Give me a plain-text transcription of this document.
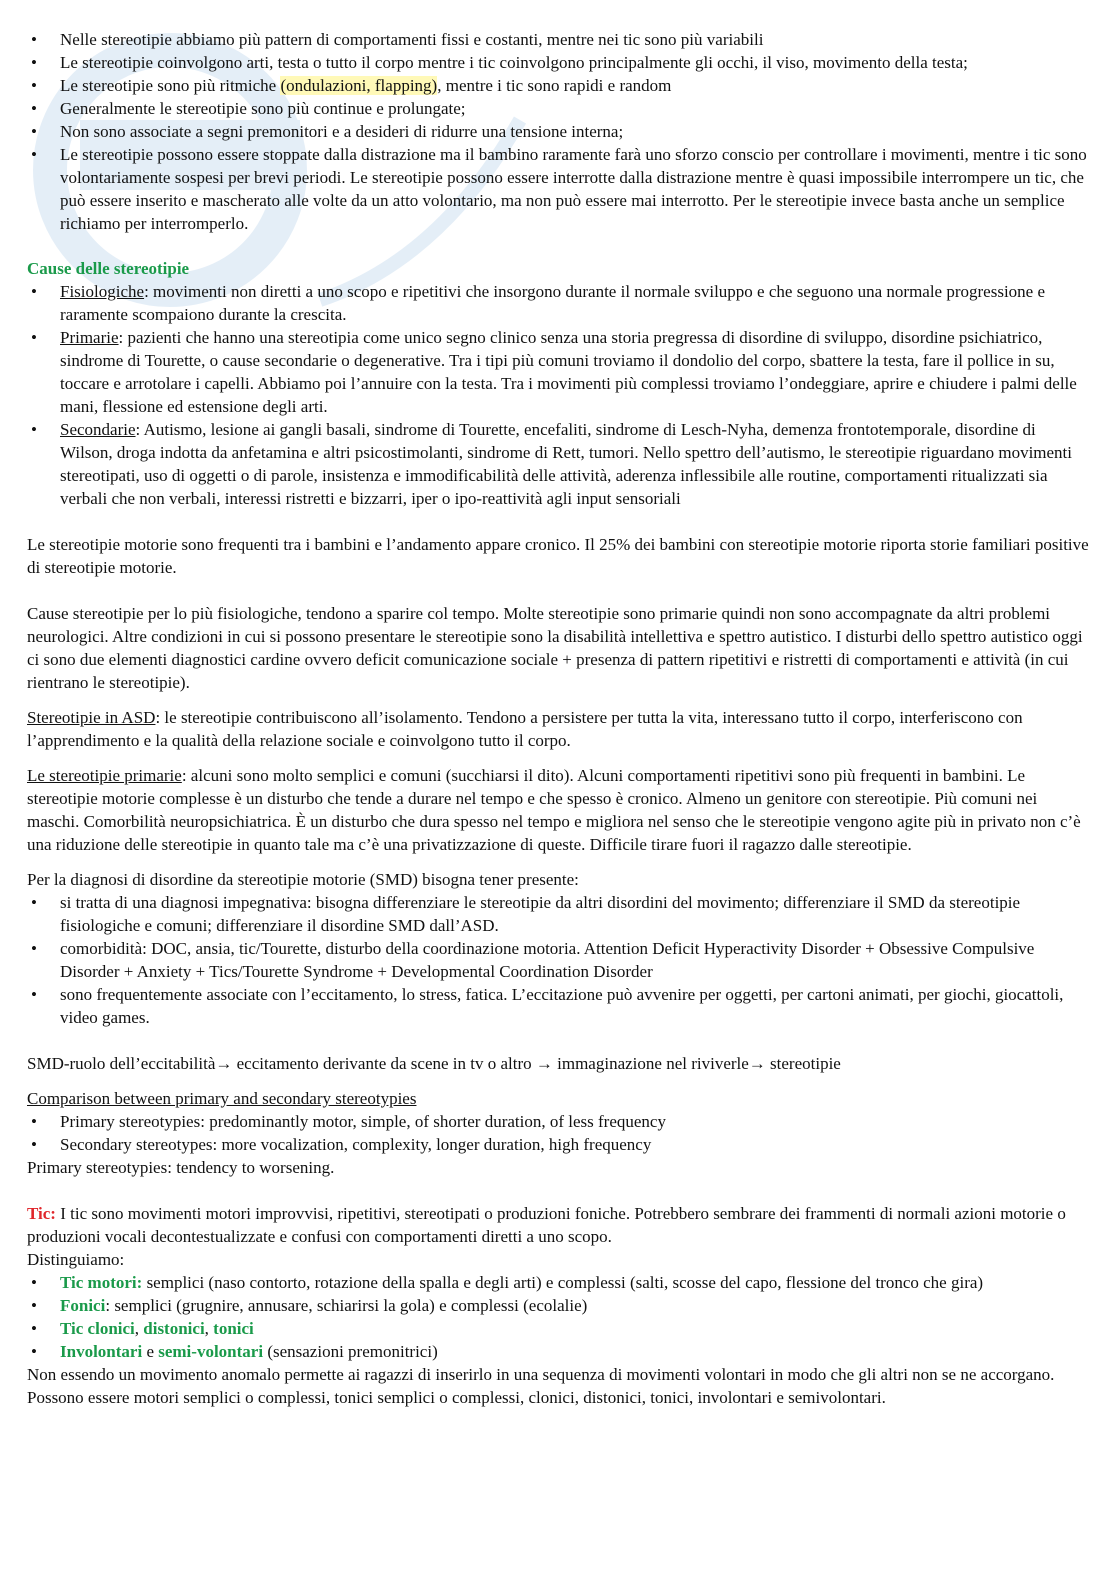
• Nelle stereotipie abbiamo più pattern di comportamenti fissi e costanti, mentre nei tic sono più variabili
• Le stereotipie coinvolgono arti, testa o tutto il corpo mentre i tic coinvolgono principalmente gli occhi, il viso, movimento della testa;
• Le stereotipie sono più ritmiche (ondulazioni, flapping), mentre i tic sono rapidi e random
• Generalmente le stereotipie sono più continue e prolungate;
• Non sono associate a segni premonitori e a desideri di ridurre una tensione interna;
• Le stereotipie possono essere stoppate dalla distrazione ma il bambino raramente farà uno sforzo conscio per controllare i movimenti, mentre i tic sono volontariamente sospesi per brevi periodi. Le stereotipie possono essere interrotte dalla distrazione mentre è quasi impossibile interrompere un tic, che può essere inserito e mascherato alle volte da un atto volontario, ma non può essere mai interrotto. Per le stereotipie invece basta anche un semplice richiamo per interromperlo.

Cause delle stereotipie

• Fisiologiche: movimenti non diretti a uno scopo e ripetitivi che insorgono durante il normale sviluppo e che seguono una normale progressione e raramente scompaiono durante la crescita.
• Primarie: pazienti che hanno una stereotipia come unico segno clinico senza una storia pregressa di disordine di sviluppo, disordine psichiatrico, sindrome di Tourette, o cause secondarie o degenerative. Tra i tipi più comuni troviamo il dondolio del corpo, sbattere la testa, fare il pollice in su, toccare e arrotolare i capelli. Abbiamo poi l’annuire con la testa. Tra i movimenti più complessi troviamo l’ondeggiare, aprire e chiudere i palmi delle mani, flessione ed estensione degli arti.
• Secondarie: Autismo, lesione ai gangli basali, sindrome di Tourette, encefaliti, sindrome di Lesch-Nyha, demenza frontotemporale, disordine di Wilson, droga indotta da anfetamina e altri psicostimolanti, sindrome di Rett, tumori. Nello spettro dell’autismo, le stereotipie riguardano movimenti stereotipati, uso di oggetti o di parole, insistenza e immodificabilità delle attività, aderenza inflessibile alle routine, comportamenti ritualizzati sia verbali che non verbali, interessi ristretti e bizzarri, iper o ipo-reattività agli input sensoriali

Le stereotipie motorie sono frequenti tra i bambini e l’andamento appare cronico. Il 25% dei bambini con stereotipie motorie riporta storie familiari positive di stereotipie motorie.

Cause stereotipie per lo più fisiologiche, tendono a sparire col tempo. Molte stereotipie sono primarie quindi non sono accompagnate da altri problemi neurologici. Altre condizioni in cui si possono presentare le stereotipie sono la disabilità intellettiva e spettro autistico. I disturbi dello spettro autistico oggi ci sono due elementi diagnostici cardine ovvero deficit comunicazione sociale + presenza di pattern ripetitivi e ristretti di comportamenti e attività (in cui rientrano le stereotipie).

Stereotipie in ASD: le stereotipie contribuiscono all’isolamento. Tendono a persistere per tutta la vita, interessano tutto il corpo, interferiscono con l’apprendimento e la qualità della relazione sociale e coinvolgono tutto il corpo.

Le stereotipie primarie: alcuni sono molto semplici e comuni (succhiarsi il dito). Alcuni comportamenti ripetitivi sono più frequenti in bambini. Le stereotipie motorie complesse è un disturbo che tende a durare nel tempo e che spesso è cronico. Almeno un genitore con stereotipie. Più comuni nei maschi. Comorbilità neuropsichiatrica. È un disturbo che dura spesso nel tempo e migliora nel senso che le stereotipie vengono agite più in privato non c’è una riduzione delle stereotipie in quanto tale ma c’è una privatizzazione di queste. Difficile tirare fuori il ragazzo dalle stereotipie.

Per la diagnosi di disordine da stereotipie motorie (SMD) bisogna tener presente:

• si tratta di una diagnosi impegnativa: bisogna differenziare le stereotipie da altri disordini del movimento; differenziare il SMD da stereotipie fisiologiche e comuni; differenziare il disordine SMD dall’ASD.
• comorbidità: DOC, ansia, tic/Tourette, disturbo della coordinazione motoria. Attention Deficit Hyperactivity Disorder + Obsessive Compulsive Disorder + Anxiety + Tics/Tourette Syndrome + Developmental Coordination Disorder
• sono frequentemente associate con l’eccitamento, lo stress, fatica. L’eccitazione può avvenire per oggetti, per cartoni animati, per giochi, giocattoli, video games.

SMD-ruolo dell’eccitabilità→ eccitamento derivante da scene in tv o altro → immaginazione nel riviverle→ stereotipie

Comparison between primary and secondary stereotypies

• Primary stereotypies: predominantly motor, simple, of shorter duration, of less frequency
• Secondary stereotypes: more vocalization, complexity, longer duration, high frequency

Primary stereotypies: tendency to worsening.

Tic: I tic sono movimenti motori improvvisi, ripetitivi, stereotipati o produzioni foniche. Potrebbero sembrare dei frammenti di normali azioni motorie o produzioni vocali decontestualizzate e confusi con comportamenti diretti a uno scopo.

Distinguiamo:

• Tic motori: semplici (naso contorto, rotazione della spalla e degli arti) e complessi (salti, scosse del capo, flessione del tronco che gira)
• Fonici: semplici (grugnire, annusare, schiarirsi la gola) e complessi (ecolalie)
• Tic clonici, distonici, tonici
• Involontari e semi-volontari (sensazioni premonitrici)

Non essendo un movimento anomalo permette ai ragazzi di inserirlo in una sequenza di movimenti volontari in modo che gli altri non se ne accorgano. Possono essere motori semplici o complessi, tonici semplici o complessi, clonici, distonici, tonici, involontari e semivolontari.
